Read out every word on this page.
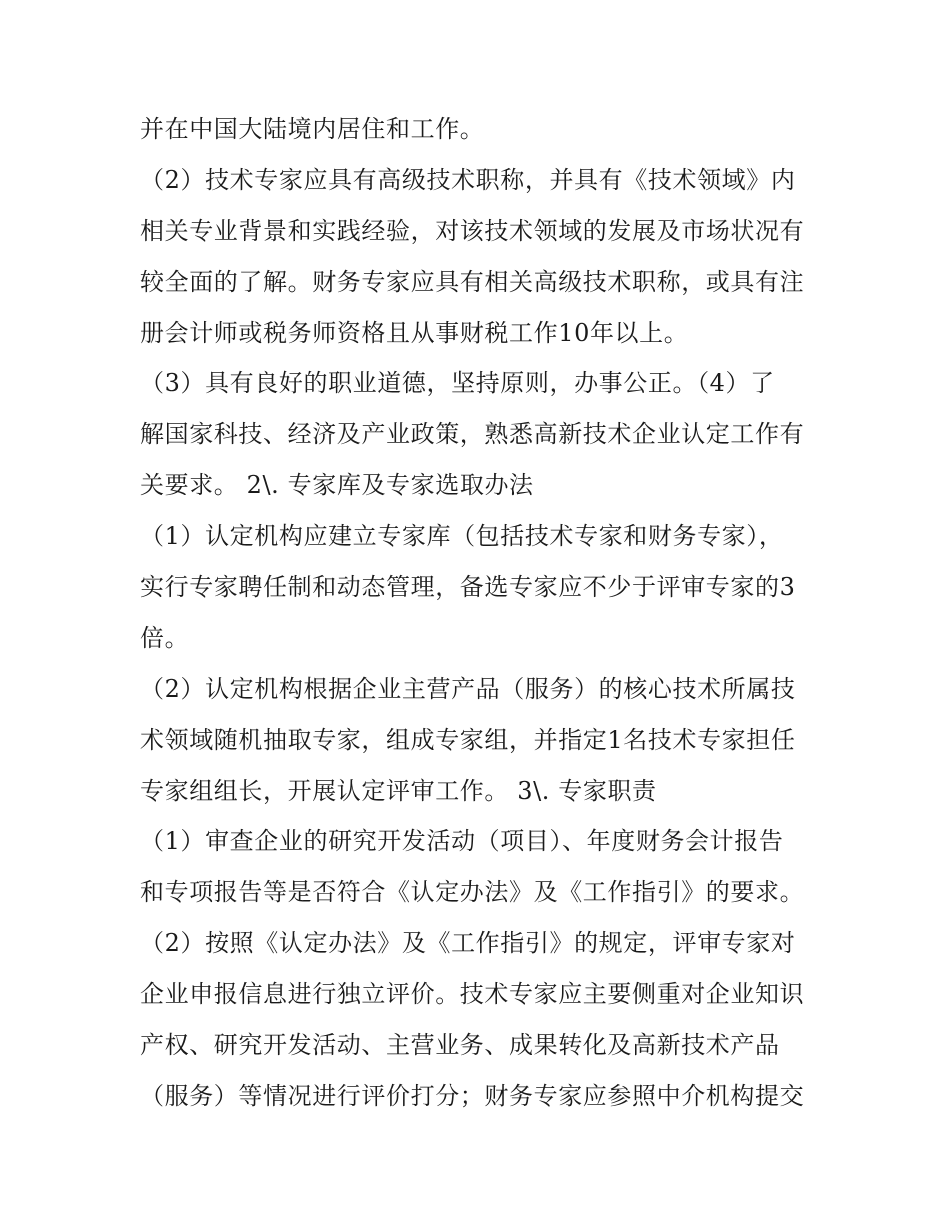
并在中国大陆境内居住和工作。
（2）技术专家应具有高级技术职称，并具有《技术领域》内
相关专业背景和实践经验，对该技术领域的发展及市场状况有
较全面的了解。财务专家应具有相关高级技术职称，或具有注
册会计师或税务师资格且从事财税工作10年以上。
（3）具有良好的职业道德，坚持原则，办事公正。（4）了
解国家科技、经济及产业政策，熟悉高新技术企业认定工作有
关要求。 2\. 专家库及专家选取办法
（1）认定机构应建立专家库（包括技术专家和财务专家），
实行专家聘任制和动态管理，备选专家应不少于评审专家的3
倍。
（2）认定机构根据企业主营产品（服务）的核心技术所属技
术领域随机抽取专家，组成专家组，并指定1名技术专家担任
专家组组长，开展认定评审工作。 3\. 专家职责
（1）审查企业的研究开发活动（项目）、年度财务会计报告
和专项报告等是否符合《认定办法》及《工作指引》的要求。
（2）按照《认定办法》及《工作指引》的规定，评审专家对
企业申报信息进行独立评价。技术专家应主要侧重对企业知识
产权、研究开发活动、主营业务、成果转化及高新技术产品
（服务）等情况进行评价打分；财务专家应参照中介机构提交
